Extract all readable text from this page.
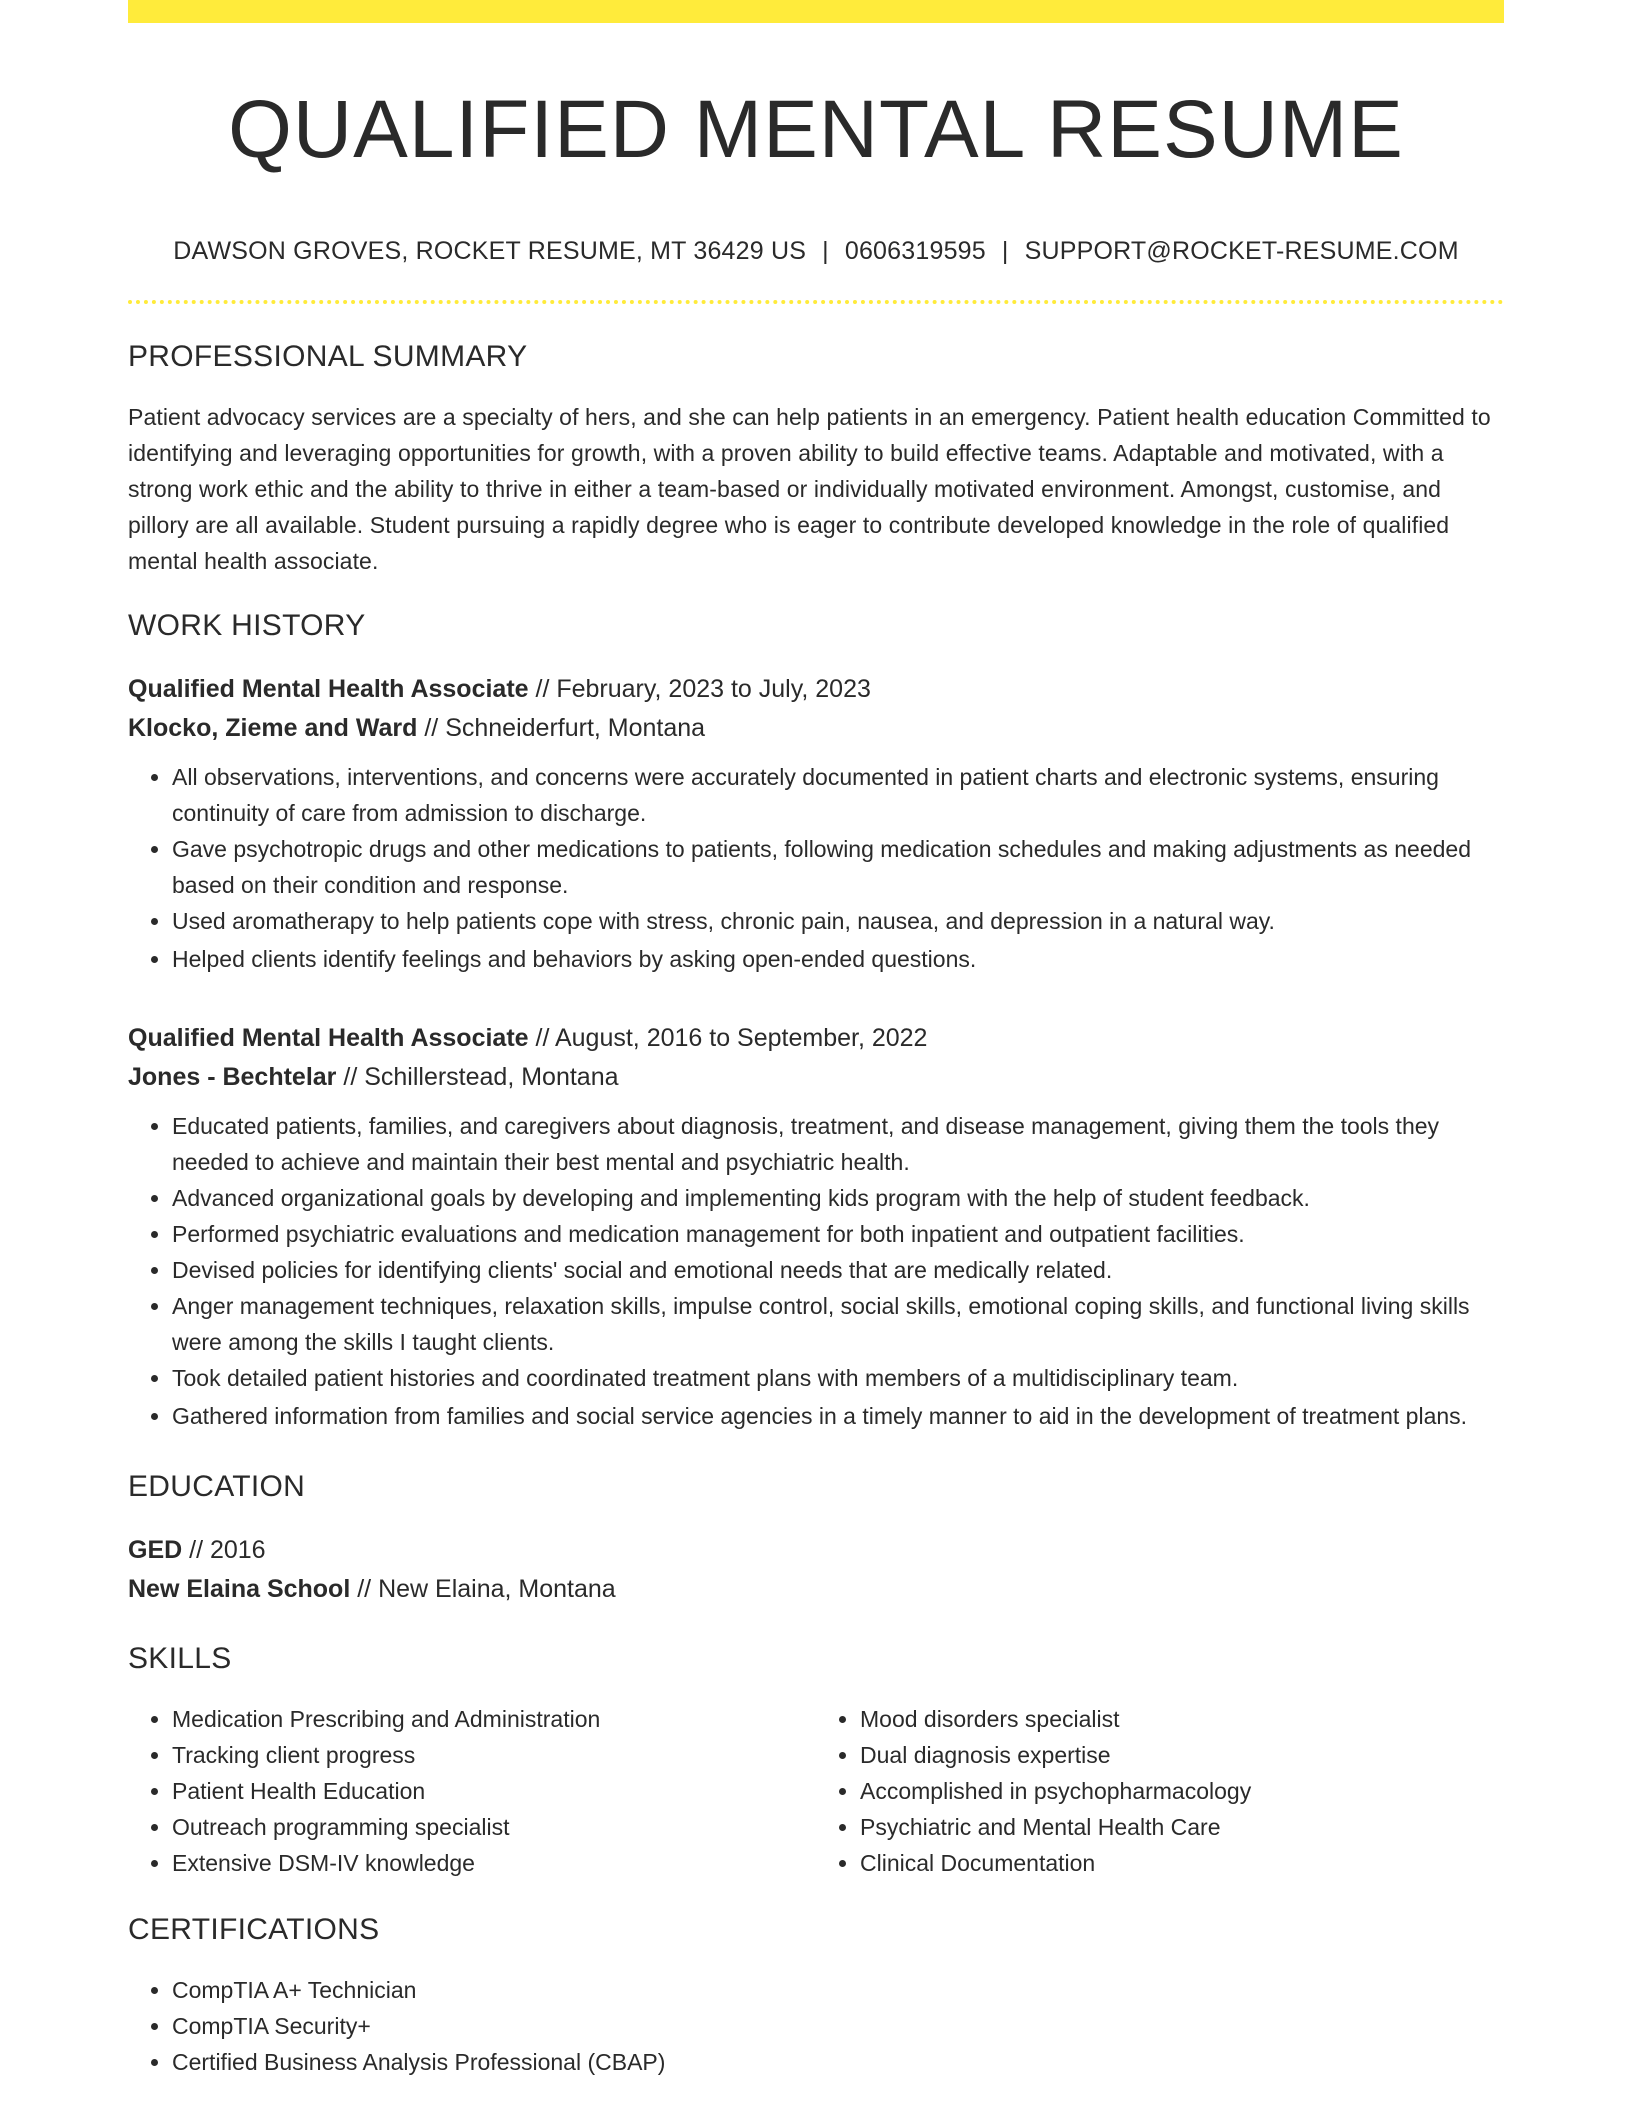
QUALIFIED MENTAL RESUME
DAWSON GROVES, ROCKET RESUME, MT 36429 US | 0606319595 | SUPPORT@ROCKET-RESUME.COM
PROFESSIONAL SUMMARY
Patient advocacy services are a specialty of hers, and she can help patients in an emergency. Patient health education Committed to identifying and leveraging opportunities for growth, with a proven ability to build effective teams. Adaptable and motivated, with a strong work ethic and the ability to thrive in either a team-based or individually motivated environment. Amongst, customise, and pillory are all available. Student pursuing a rapidly degree who is eager to contribute developed knowledge in the role of qualified mental health associate.
WORK HISTORY
Qualified Mental Health Associate // February, 2023 to July, 2023
Klocko, Zieme and Ward // Schneiderfurt, Montana
• All observations, interventions, and concerns were accurately documented in patient charts and electronic systems, ensuring continuity of care from admission to discharge.
• Gave psychotropic drugs and other medications to patients, following medication schedules and making adjustments as needed based on their condition and response.
• Used aromatherapy to help patients cope with stress, chronic pain, nausea, and depression in a natural way.
• Helped clients identify feelings and behaviors by asking open-ended questions.
Qualified Mental Health Associate // August, 2016 to September, 2022
Jones - Bechtelar // Schillerstead, Montana
• Educated patients, families, and caregivers about diagnosis, treatment, and disease management, giving them the tools they needed to achieve and maintain their best mental and psychiatric health.
• Advanced organizational goals by developing and implementing kids program with the help of student feedback.
• Performed psychiatric evaluations and medication management for both inpatient and outpatient facilities.
• Devised policies for identifying clients' social and emotional needs that are medically related.
• Anger management techniques, relaxation skills, impulse control, social skills, emotional coping skills, and functional living skills were among the skills I taught clients.
• Took detailed patient histories and coordinated treatment plans with members of a multidisciplinary team.
• Gathered information from families and social service agencies in a timely manner to aid in the development of treatment plans.
EDUCATION
GED // 2016
New Elaina School // New Elaina, Montana
SKILLS
• Medication Prescribing and Administration
• Tracking client progress
• Patient Health Education
• Outreach programming specialist
• Extensive DSM-IV knowledge
• Mood disorders specialist
• Dual diagnosis expertise
• Accomplished in psychopharmacology
• Psychiatric and Mental Health Care
• Clinical Documentation
CERTIFICATIONS
• CompTIA A+ Technician
• CompTIA Security+
• Certified Business Analysis Professional (CBAP)
